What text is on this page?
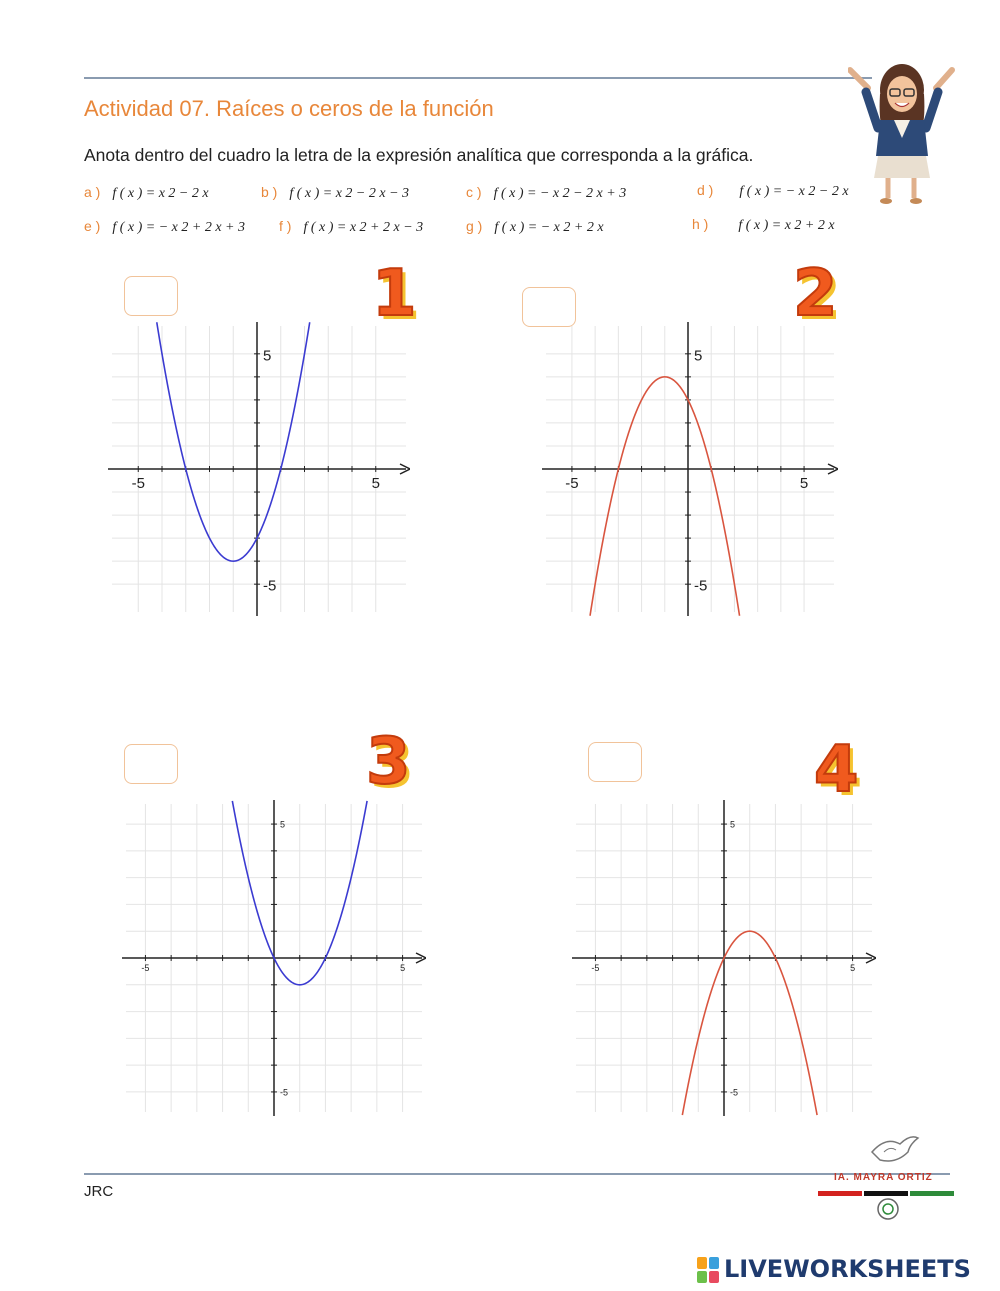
Actividad 07. Raíces o ceros de la función
Anota dentro del cuadro la letra de la expresión analítica que corresponda a la gráfica.
a ) f ( x ) = x 2 − 2 x	b ) f ( x ) = x 2 − 2 x − 3	c ) f ( x ) = − x 2 − 2 x + 3	d ) f ( x ) = − x 2 − 2 x
e ) f ( x ) = − x 2 + 2 x + 3 f ) f ( x ) = x 2 + 2 x − 3	g ) f ( x ) = − x 2 + 2 x	h ) f ( x ) = x 2 + 2 x
1	2
3	4
-5	5
5
-5
-5	5
5
-5
-5	5
5
-5
-5	5
5
-5
JRC
IA. MAYRA ORTIZ
LIVEWORKSHEETS
